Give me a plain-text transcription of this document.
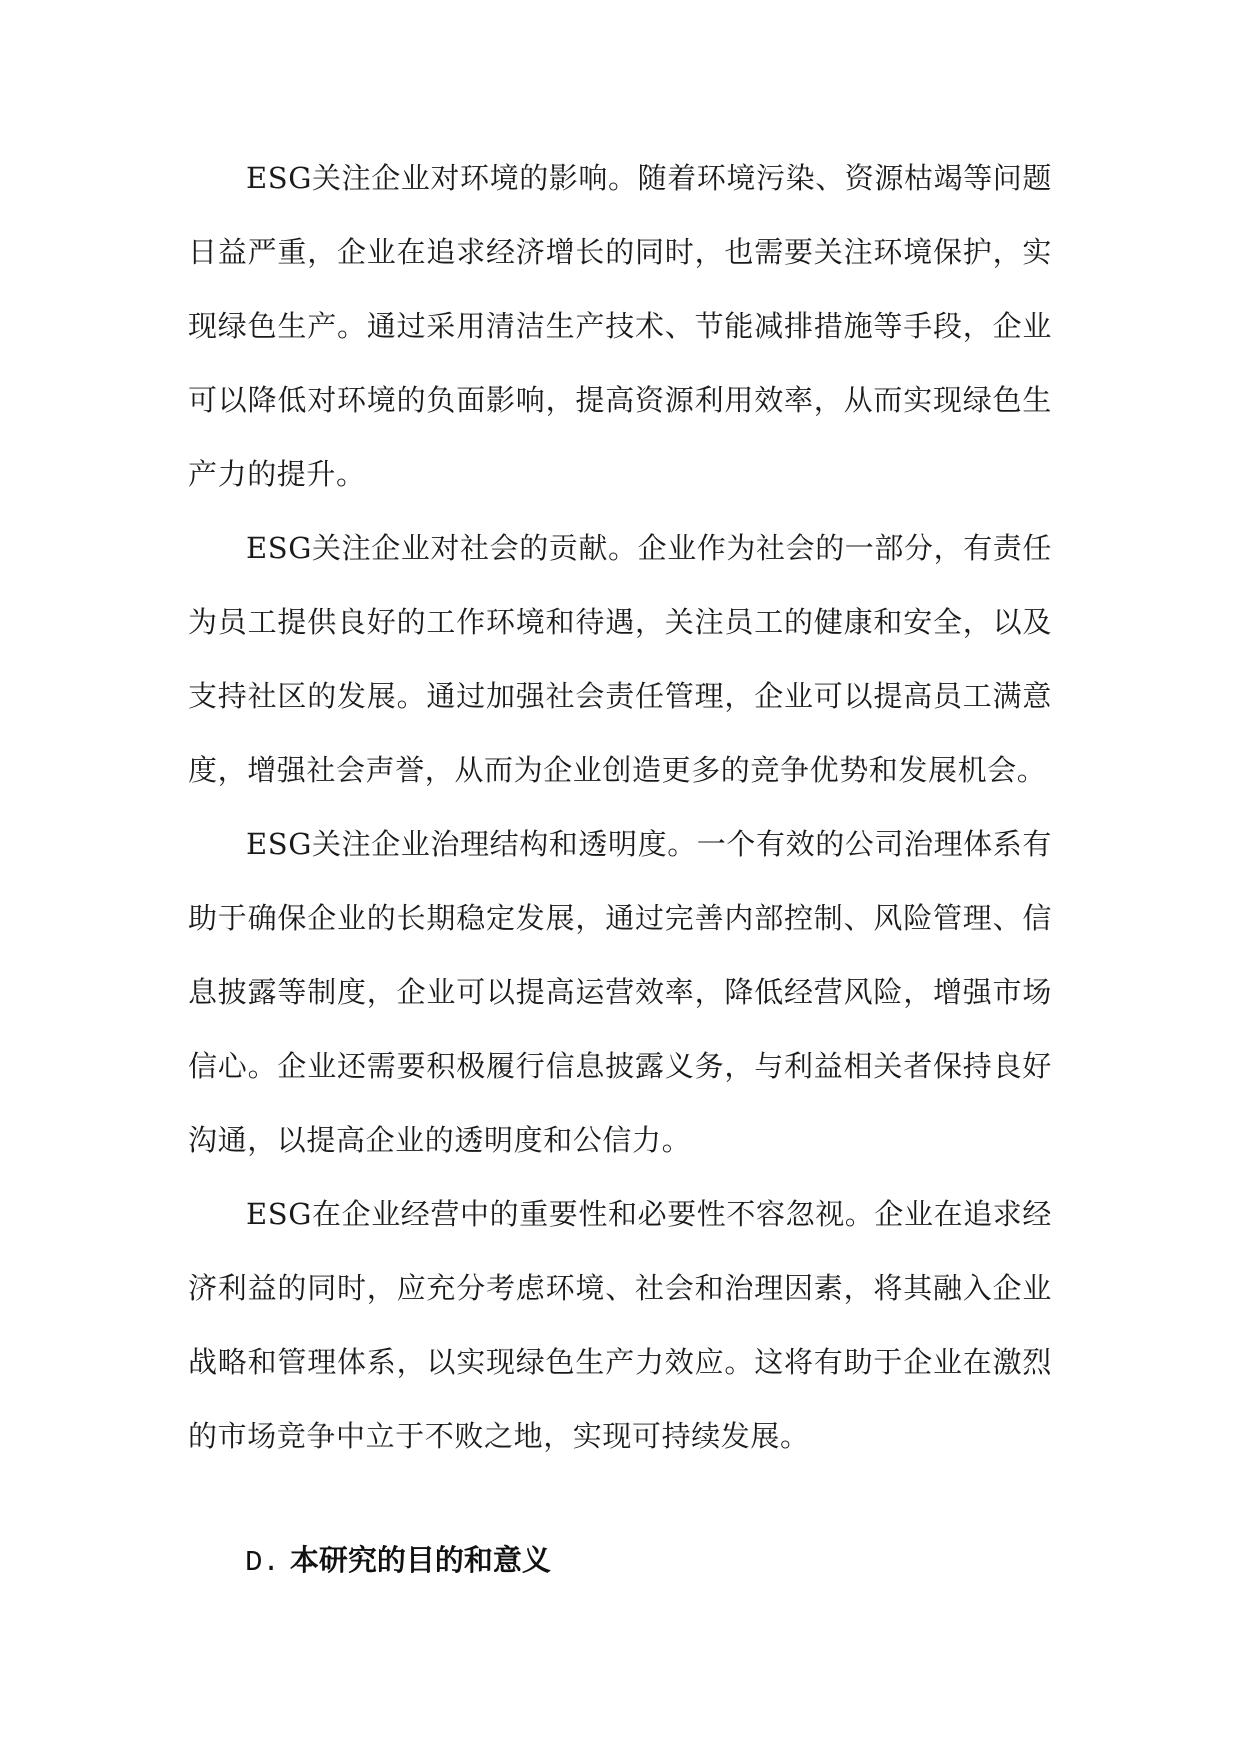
ESG关注企业对环境的影响。随着环境污染、资源枯竭等问题日益严重，企业在追求经济增长的同时，也需要关注环境保护，实现绿色生产。通过采用清洁生产技术、节能减排措施等手段，企业可以降低对环境的负面影响，提高资源利用效率，从而实现绿色生产力的提升。

ESG关注企业对社会的贡献。企业作为社会的一部分，有责任为员工提供良好的工作环境和待遇，关注员工的健康和安全，以及支持社区的发展。通过加强社会责任管理，企业可以提高员工满意度，增强社会声誉，从而为企业创造更多的竞争优势和发展机会。

ESG关注企业治理结构和透明度。一个有效的公司治理体系有助于确保企业的长期稳定发展，通过完善内部控制、风险管理、信息披露等制度，企业可以提高运营效率，降低经营风险，增强市场信心。企业还需要积极履行信息披露义务，与利益相关者保持良好沟通，以提高企业的透明度和公信力。

ESG在企业经营中的重要性和必要性不容忽视。企业在追求经济利益的同时，应充分考虑环境、社会和治理因素，将其融入企业战略和管理体系，以实现绿色生产力效应。这将有助于企业在激烈的市场竞争中立于不败之地，实现可持续发展。

D. 本研究的目的和意义
